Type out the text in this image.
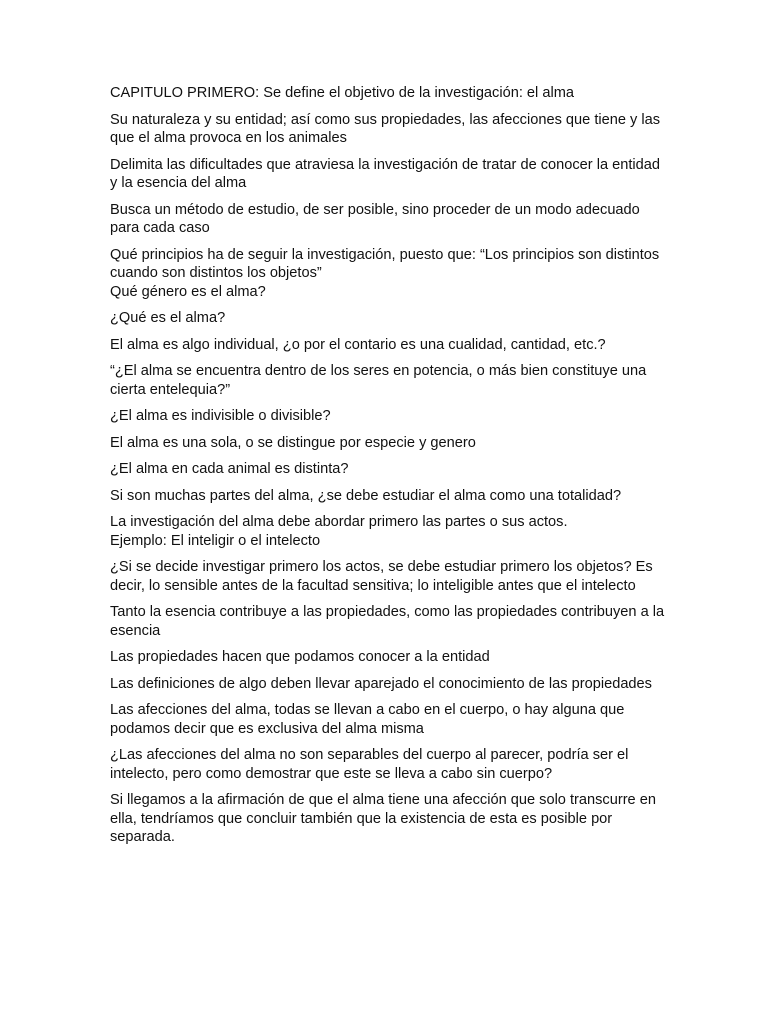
CAPITULO PRIMERO: Se define el objetivo de la investigación: el alma

Su naturaleza y su entidad; así como sus propiedades, las afecciones que tiene y las que el alma provoca en los animales

Delimita las dificultades que atraviesa la investigación de tratar de conocer la entidad y la esencia del alma

Busca un método de estudio, de ser posible, sino proceder de un modo adecuado para cada caso

Qué principios ha de seguir la investigación, puesto que: “Los principios son distintos cuando son distintos los objetos”
Qué género es el alma?

¿Qué es el alma?

El alma es algo individual, ¿o por el contario es una cualidad, cantidad, etc.?

“¿El alma se encuentra dentro de los seres en potencia, o más bien constituye una cierta entelequia?”

¿El alma es indivisible o divisible?

El alma es una sola, o se distingue por especie y genero

¿El alma en cada animal es distinta?

Si son muchas partes del alma, ¿se debe estudiar el alma como una totalidad?

La investigación del alma debe abordar primero las partes o sus actos.
Ejemplo: El inteligir o el intelecto

¿Si se decide investigar primero los actos, se debe estudiar primero los objetos? Es decir, lo sensible antes de la facultad sensitiva; lo inteligible antes que el intelecto

Tanto la esencia contribuye a las propiedades, como las propiedades contribuyen a la esencia

Las propiedades hacen que podamos conocer a la entidad

Las definiciones de algo deben llevar aparejado el conocimiento de las propiedades

Las afecciones del alma, todas se llevan a cabo en el cuerpo, o hay alguna que podamos decir que es exclusiva del alma misma

¿Las afecciones del alma no son separables del cuerpo al parecer, podría ser el intelecto, pero como demostrar que este se lleva a cabo sin cuerpo?

Si llegamos a la afirmación de que el alma tiene una afección que solo transcurre en ella, tendríamos que concluir también que la existencia de esta es posible por separada.
